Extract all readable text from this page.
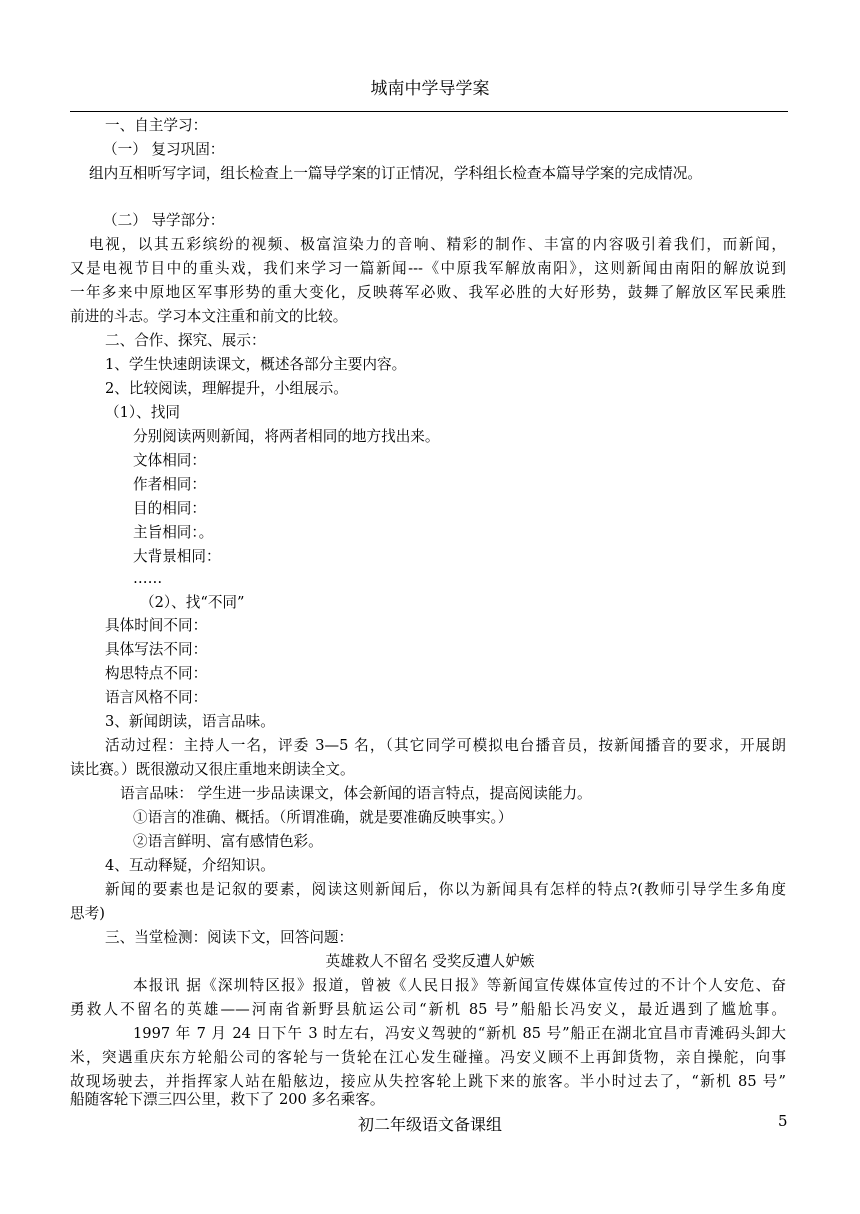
城南中学导学案
一、自主学习：
（一） 复习巩固：
组内互相听写字词，组长检查上一篇导学案的订正情况，学科组长检查本篇导学案的完成情况。
（二） 导学部分：
电视，以其五彩缤纷的视频、极富渲染力的音响、精彩的制作、丰富的内容吸引着我们，而新闻，
又是电视节目中的重头戏，我们来学习一篇新闻---《中原我军解放南阳》，这则新闻由南阳的解放说到
一年多来中原地区军事形势的重大变化，反映蒋军必败、我军必胜的大好形势，鼓舞了解放区军民乘胜
前进的斗志。学习本文注重和前文的比较。
二、合作、探究、展示：
1、学生快速朗读课文，概述各部分主要内容。
2、比较阅读，理解提升，小组展示。
（1）、找同
分别阅读两则新闻，将两者相同的地方找出来。
文体相同：
作者相同：
目的相同：
主旨相同：。
大背景相同：
……
（2）、找“不同”
具体时间不同：
具体写法不同：
构思特点不同：
语言风格不同：
3、新闻朗读，语言品味。
活动过程：主持人一名，评委 3—5 名，（其它同学可模拟电台播音员，按新闻播音的要求，开展朗
读比赛。）既很激动又很庄重地来朗读全文。
语言品味： 学生进一步品读课文，体会新闻的语言特点，提高阅读能力。
①语言的准确、概括。（所谓准确，就是要准确反映事实。）
②语言鲜明、富有感情色彩。
4、互动释疑，介绍知识。
新闻的要素也是记叙的要素，阅读这则新闻后，你以为新闻具有怎样的特点?(教师引导学生多角度
思考)
三、当堂检测：阅读下文，回答问题：
英雄救人不留名 受奖反遭人妒嫉
本报讯 据《深圳特区报》报道，曾被《人民日报》等新闻宣传媒体宣传过的不计个人安危、奋
勇救人不留名的英雄——河南省新野县航运公司“新机 85 号”船船长冯安义，最近遇到了尴尬事。
1997 年 7 月 24 日下午 3 时左右，冯安义驾驶的“新机 85 号”船正在湖北宜昌市青滩码头卸大
米，突遇重庆东方轮船公司的客轮与一货轮在江心发生碰撞。冯安义顾不上再卸货物，亲自操舵，向事
故现场驶去，并指挥家人站在船舷边，接应从失控客轮上跳下来的旅客。半小时过去了，“新机 85 号”
船随客轮下漂三四公里，救下了 200 多名乘客。
初二年级语文备课组	5
